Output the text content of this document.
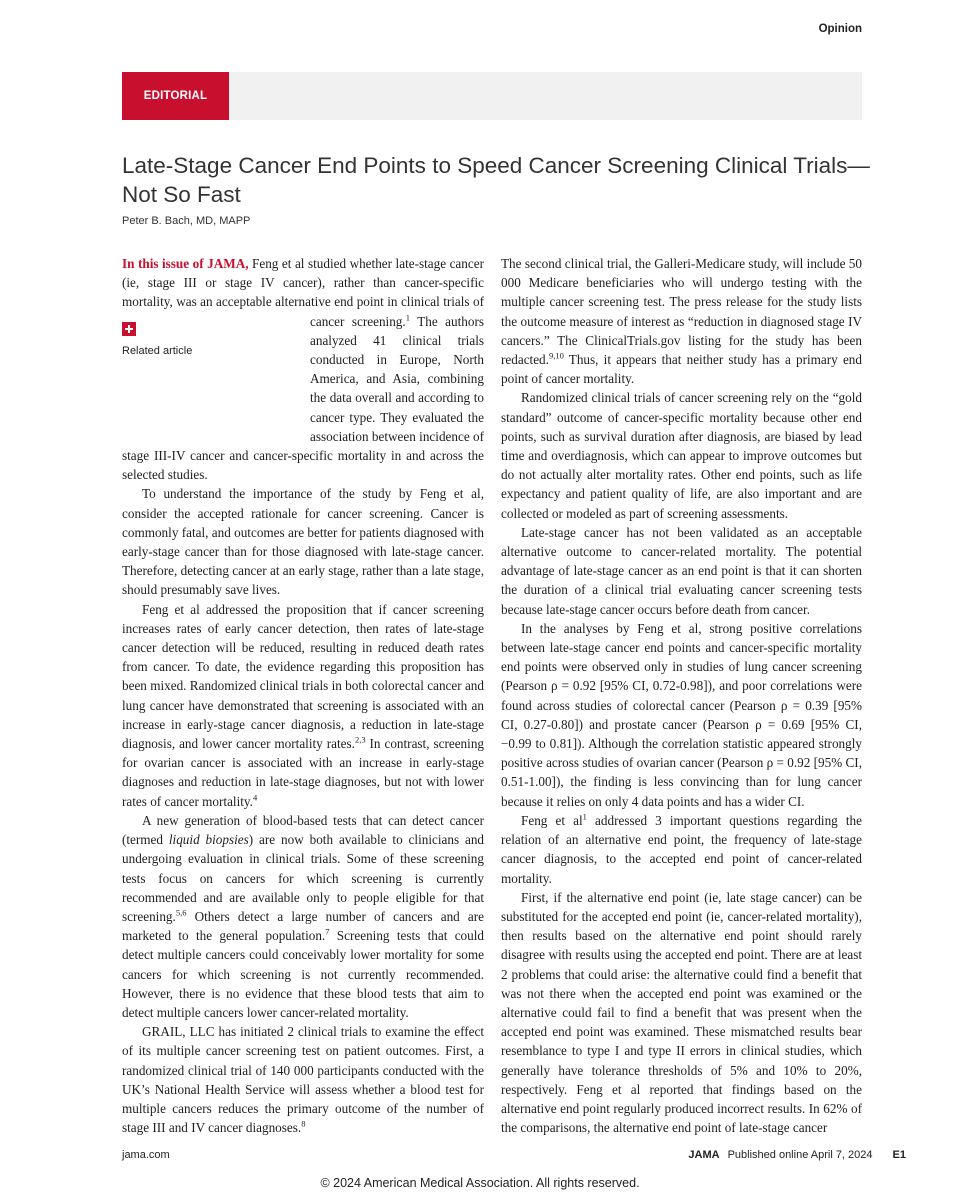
Opinion
EDITORIAL
Late-Stage Cancer End Points to Speed Cancer Screening Clinical Trials—
Not So Fast
Peter B. Bach, MD, MAPP

In this issue of JAMA, Feng et al studied whether late-stage cancer (ie, stage III or stage IV cancer), rather than cancer-specific mortality, was an acceptable alternative end point in clinical trials of cancer screening.$^1$
Related article
The authors analyzed 41 clinical trials conducted in Europe, North America, and Asia, combining the data overall and according to cancer type. They evaluated the association between incidence of stage III-IV cancer and cancer-specific mortality in and across the selected studies.

To understand the importance of the study by Feng et al, consider the accepted rationale for cancer screening. Cancer is commonly fatal, and outcomes are better for patients diagnosed with early-stage cancer than for those diagnosed with late-stage cancer. Therefore, detecting cancer at an early stage, rather than a late stage, should presumably save lives.

Feng et al addressed the proposition that if cancer screening increases rates of early cancer detection, then rates of late-stage cancer detection will be reduced, resulting in reduced death rates from cancer. To date, the evidence regarding this proposition has been mixed. Randomized clinical trials in both colorectal cancer and lung cancer have demonstrated that screening is associated with an increase in early-stage cancer diagnosis, a reduction in late-stage diagnosis, and lower cancer mortality rates.$^{2,3}$ In contrast, screening for ovarian cancer is associated with an increase in early-stage diagnoses and reduction in late-stage diagnoses, but not with lower rates of cancer mortality.$^4$

A new generation of blood-based tests that can detect cancer (termed liquid biopsies) are now both available to clinicians and undergoing evaluation in clinical trials. Some of these screening tests focus on cancers for which screening is currently recommended and are available only to people eligible for that screening.$^{5,6}$ Others detect a large number of cancers and are marketed to the general population.$^7$ Screening tests that could detect multiple cancers could conceivably lower mortality for some cancers for which screening is not currently recommended. However, there is no evidence that these blood tests that aim to detect multiple cancers lower cancer-related mortality.

GRAIL, LLC has initiated 2 clinical trials to examine the effect of its multiple cancer screening test on patient outcomes. First, a randomized clinical trial of 140 000 participants conducted with the UK’s National Health Service will assess whether a blood test for multiple cancers reduces the primary outcome of the number of stage III and IV cancer diagnoses.$^8$

The second clinical trial, the Galleri-Medicare study, will include 50 000 Medicare beneficiaries who will undergo testing with the multiple cancer screening test. The press release for the study lists the outcome measure of interest as “reduction in diagnosed stage IV cancers.” The ClinicalTrials.gov listing for the study has been redacted.$^{9,10}$ Thus, it appears that neither study has a primary end point of cancer mortality.

Randomized clinical trials of cancer screening rely on the “gold standard” outcome of cancer-specific mortality because other end points, such as survival duration after diagnosis, are biased by lead time and overdiagnosis, which can appear to improve outcomes but do not actually alter mortality rates. Other end points, such as life expectancy and patient quality of life, are also important and are collected or modeled as part of screening assessments.

Late-stage cancer has not been validated as an acceptable alternative outcome to cancer-related mortality. The potential advantage of late-stage cancer as an end point is that it can shorten the duration of a clinical trial evaluating cancer screening tests because late-stage cancer occurs before death from cancer.

In the analyses by Feng et al, strong positive correlations between late-stage cancer end points and cancer-specific mortality end points were observed only in studies of lung cancer screening (Pearson ρ = 0.92 [95% CI, 0.72-0.98]), and poor correlations were found across studies of colorectal cancer (Pearson ρ = 0.39 [95% CI, 0.27-0.80]) and prostate cancer (Pearson ρ = 0.69 [95% CI, −0.99 to 0.81]). Although the correlation statistic appeared strongly positive across studies of ovarian cancer (Pearson ρ = 0.92 [95% CI, 0.51-1.00]), the finding is less convincing than for lung cancer because it relies on only 4 data points and has a wider CI.

Feng et $al^1$ addressed 3 important questions regarding the relation of an alternative end point, the frequency of late-stage cancer diagnosis, to the accepted end point of cancer-related mortality.

First, if the alternative end point (ie, late stage cancer) can be substituted for the accepted end point (ie, cancer-related mortality), then results based on the alternative end point should rarely disagree with results using the accepted end point. There are at least 2 problems that could arise: the alternative could find a benefit that was not there when the accepted end point was examined or the alternative could fail to find a benefit that was present when the accepted end point was examined. These mismatched results bear resemblance to type I and type II errors in clinical studies, which generally have tolerance thresholds of 5% and 10% to 20%, respectively. Feng et al reported that findings based on the alternative end point regularly produced incorrect results. In 62% of the comparisons, the alternative end point of late-stage cancer

jama.com	JAMA Published online April 7, 2024 E1
© 2024 American Medical Association. All rights reserved.
